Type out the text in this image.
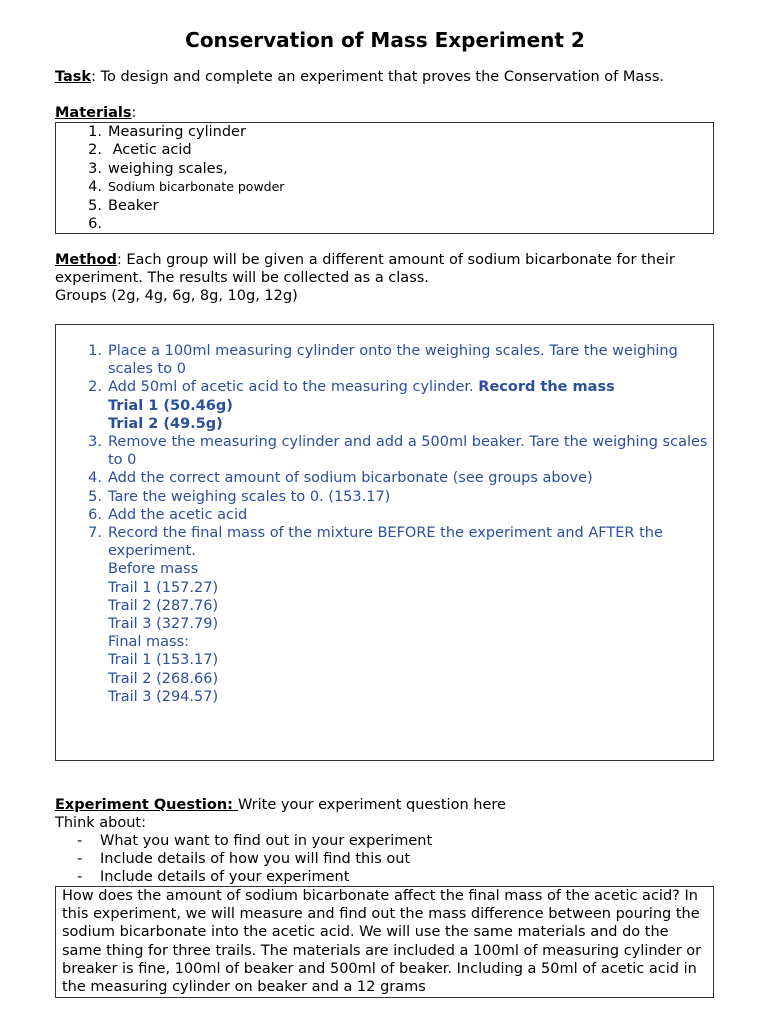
Conservation of Mass Experiment 2
Task: To design and complete an experiment that proves the Conservation of Mass.
Materials:
1. Measuring cylinder
2. Acetic acid
3. weighing scales,
4. Sodium bicarbonate powder
5. Beaker
6.
Method: Each group will be given a different amount of sodium bicarbonate for their experiment. The results will be collected as a class.
Groups (2g, 4g, 6g, 8g, 10g, 12g)
1. Place a 100ml measuring cylinder onto the weighing scales. Tare the weighing scales to 0
2. Add 50ml of acetic acid to the measuring cylinder. Record the mass
Trial 1 (50.46g)
Trial 2 (49.5g)
3. Remove the measuring cylinder and add a 500ml beaker. Tare the weighing scales to 0
4. Add the correct amount of sodium bicarbonate (see groups above)
5. Tare the weighing scales to 0. (153.17)
6. Add the acetic acid
7. Record the final mass of the mixture BEFORE the experiment and AFTER the experiment.
Before mass
Trail 1 (157.27)
Trail 2 (287.76)
Trail 3 (327.79)
Final mass:
Trail 1 (153.17)
Trail 2 (268.66)
Trail 3 (294.57)
Experiment Question: Write your experiment question here
Think about:
- What you want to find out in your experiment
- Include details of how you will find this out
- Include details of your experiment
How does the amount of sodium bicarbonate affect the final mass of the acetic acid? In this experiment, we will measure and find out the mass difference between pouring the sodium bicarbonate into the acetic acid. We will use the same materials and do the same thing for three trails. The materials are included a 100ml of measuring cylinder or breaker is fine, 100ml of beaker and 500ml of beaker. Including a 50ml of acetic acid in the measuring cylinder on beaker and a 12 grams
